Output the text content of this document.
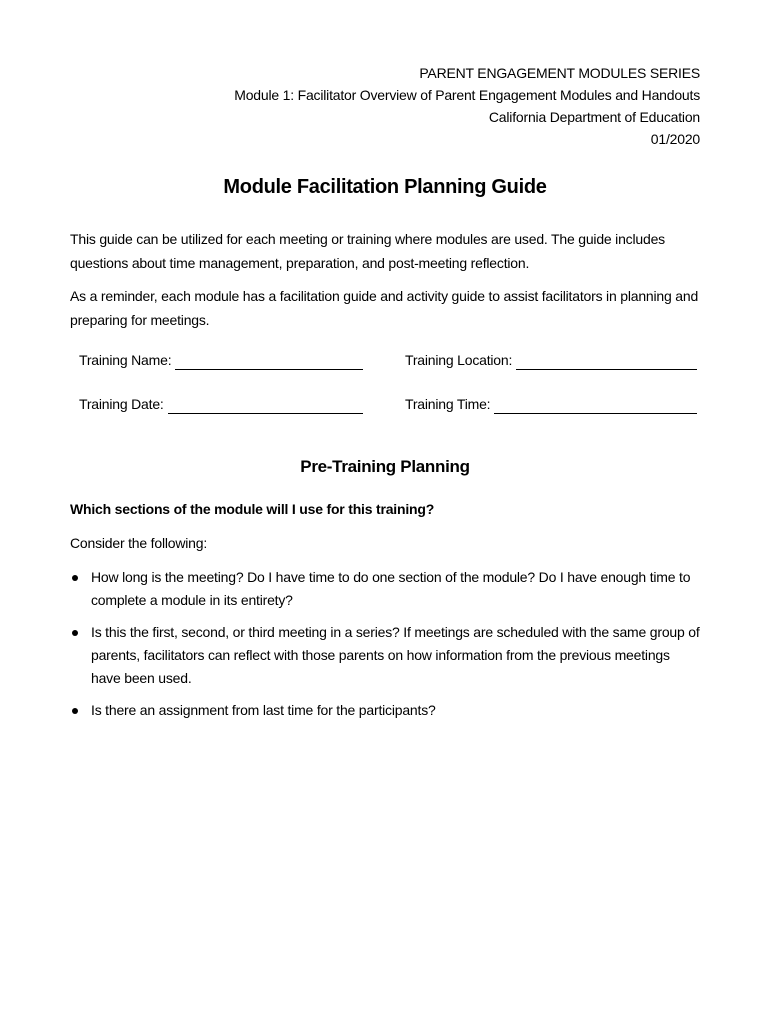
PARENT ENGAGEMENT MODULES SERIES
Module 1: Facilitator Overview of Parent Engagement Modules and Handouts
California Department of Education
01/2020
Module Facilitation Planning Guide
This guide can be utilized for each meeting or training where modules are used. The guide includes questions about time management, preparation, and post-meeting reflection.
As a reminder, each module has a facilitation guide and activity guide to assist facilitators in planning and preparing for meetings.
Training Name:	Training Location:
Training Date:	Training Time:
Pre-Training Planning
Which sections of the module will I use for this training?
Consider the following:
How long is the meeting? Do I have time to do one section of the module? Do I have enough time to complete a module in its entirety?
Is this the first, second, or third meeting in a series? If meetings are scheduled with the same group of parents, facilitators can reflect with those parents on how information from the previous meetings have been used.
Is there an assignment from last time for the participants?
